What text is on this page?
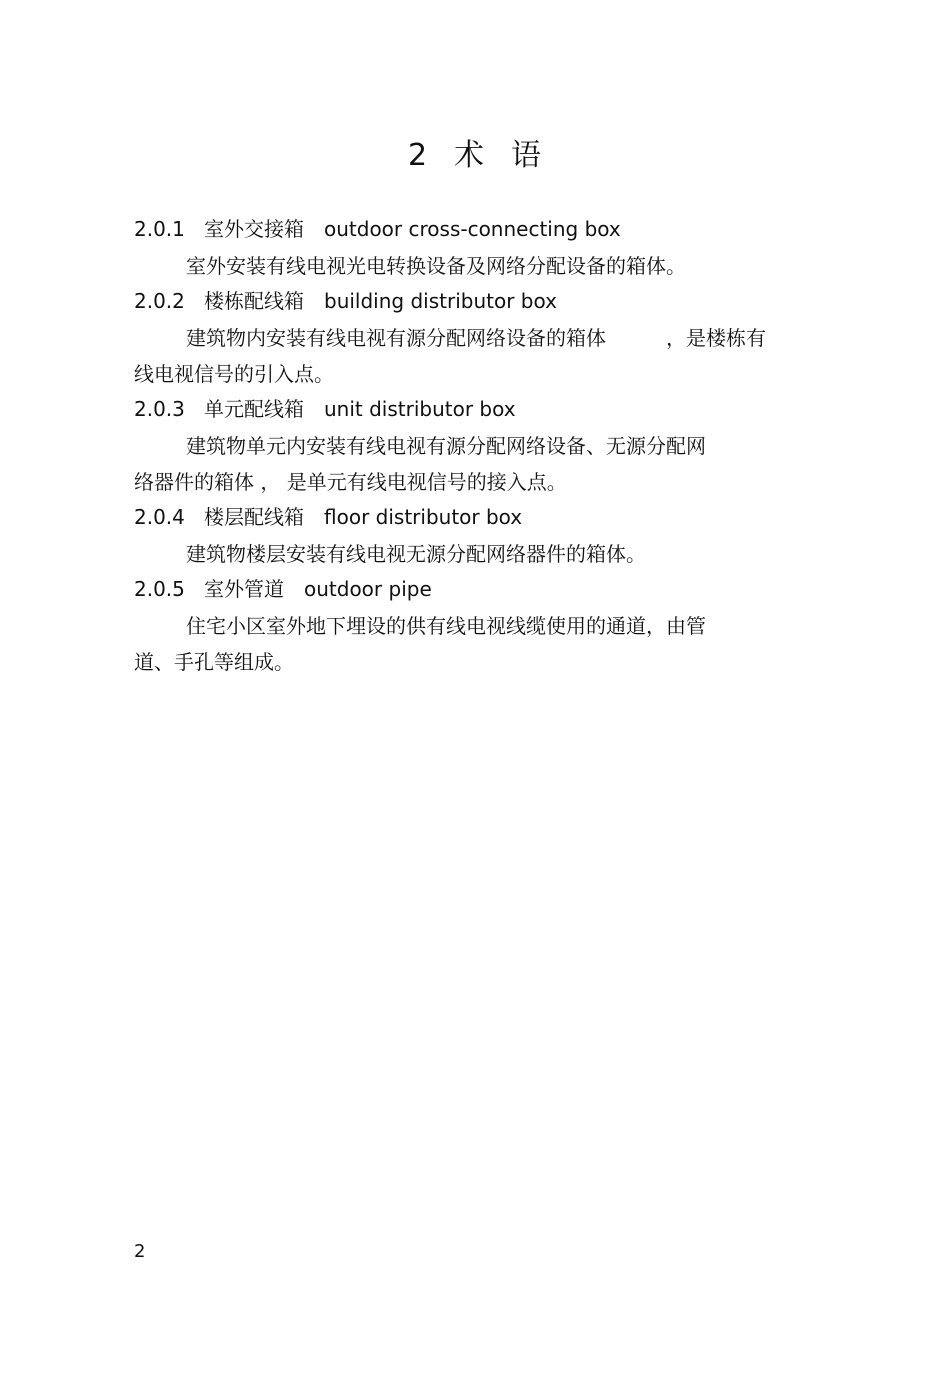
2 术 语
2.0.1 室外交接箱 outdoor cross-connecting box
室外安装有线电视光电转换设备及网络分配设备的箱体。
2.0.2 楼栋配线箱 building distributor box
建筑物内安装有线电视有源分配网络设备的箱体　　　，是楼栋有
线电视信号的引入点。
2.0.3 单元配线箱 unit distributor box
建筑物单元内安装有线电视有源分配网络设备、无源分配网
络器件的箱体 ， 是单元有线电视信号的接入点。
2.0.4 楼层配线箱 floor distributor box
建筑物楼层安装有线电视无源分配网络器件的箱体。
2.0.5 室外管道 outdoor pipe
住宅小区室外地下埋设的供有线电视线缆使用的通道，由管
道、手孔等组成。
2
